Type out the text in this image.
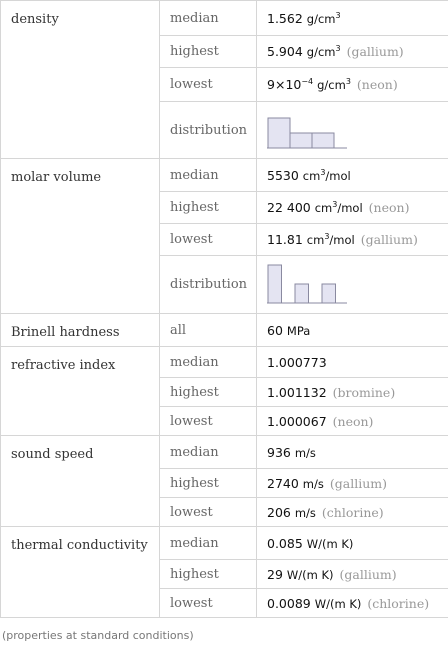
density	median	1.562 $g/cm^3$
	highest	5.904 $g/cm^3$ (gallium)
	lowest	$9\times 10^{-4}$ $g/cm^3$ (neon)
	distribution	

molar volume	median	5530 $cm^3$/mol
	highest	22 400 $cm^3$/mol (neon)
	lowest	11.81 $cm^3$/mol (gallium)
	distribution	

Brinell hardness	all	60 MPa
refractive index	median	1.000773
	highest	1.001132 (bromine)
	lowest	1.000067 (neon)
sound speed	median	936 m/s
	highest	2740 m/s (gallium)
	lowest	206 m/s (chlorine)
thermal conductivity	median	0.085 W/(m K)
	highest	29 W/(m K) (gallium)
	lowest	0.0089 W/(m K) (chlorine)
(properties at standard conditions)
